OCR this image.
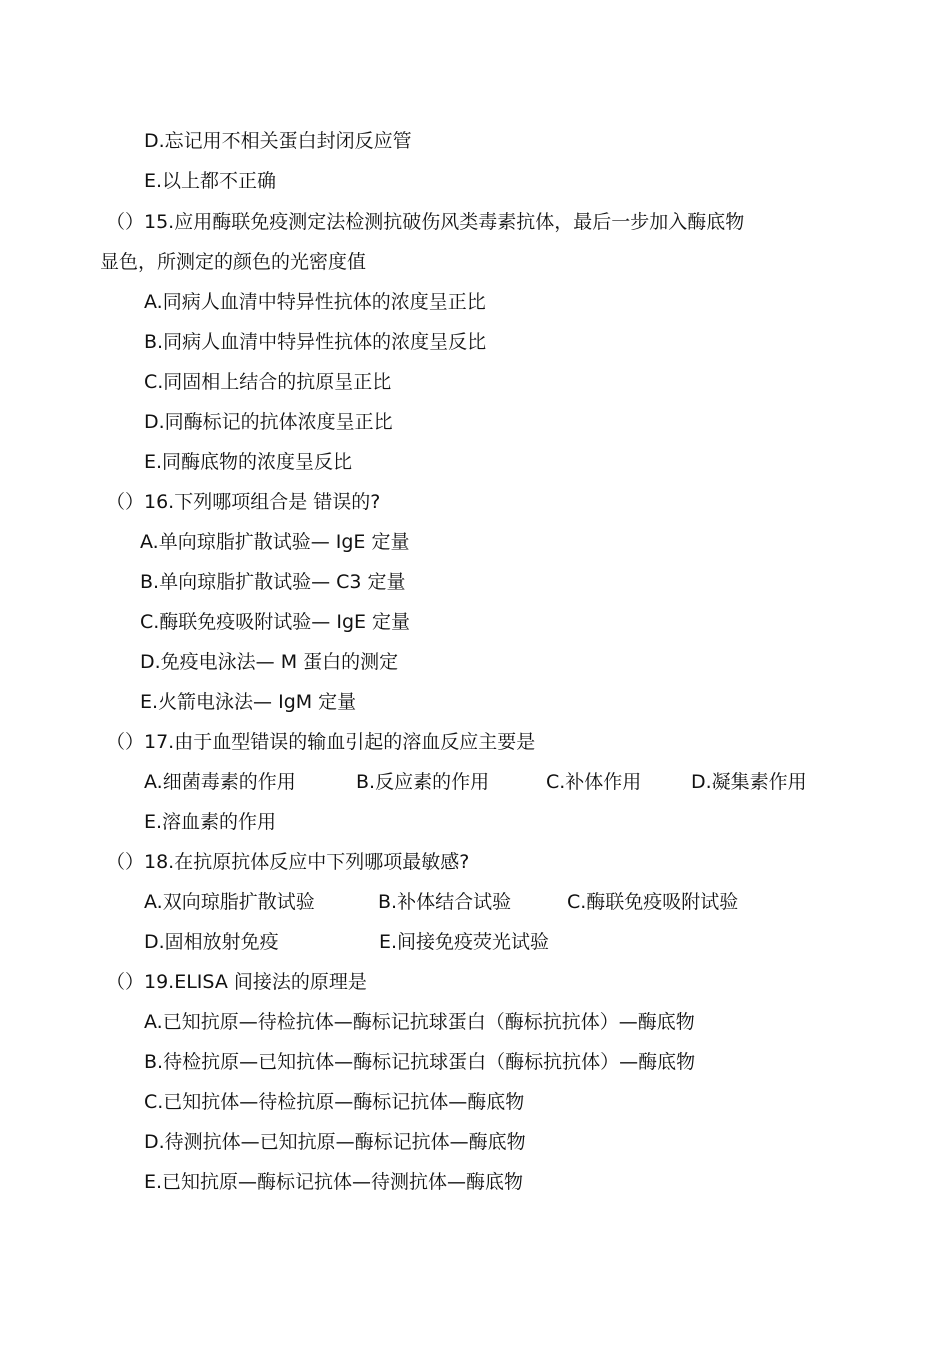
D.忘记用不相关蛋白封闭反应管
E.以上都不正确
（）15.应用酶联免疫测定法检测抗破伤风类毒素抗体，最后一步加入酶底物
显色，所测定的颜色的光密度值
A.同病人血清中特异性抗体的浓度呈正比
B.同病人血清中特异性抗体的浓度呈反比
C.同固相上结合的抗原呈正比
D.同酶标记的抗体浓度呈正比
E.同酶底物的浓度呈反比
（）16.下列哪项组合是 错误的?
A.单向琼脂扩散试验— IgE 定量
B.单向琼脂扩散试验— C3 定量
C.酶联免疫吸附试验— IgE 定量
D.免疫电泳法— M 蛋白的测定
E.火箭电泳法— IgM 定量
（）17.由于血型错误的输血引起的溶血反应主要是
A.细菌毒素的作用	B.反应素的作用	C.补体作用	D.凝集素作用
E.溶血素的作用
（）18.在抗原抗体反应中下列哪项最敏感?
A.双向琼脂扩散试验	B.补体结合试验	C.酶联免疫吸附试验
D.固相放射免疫	E.间接免疫荧光试验
（）19.ELISA 间接法的原理是
A.已知抗原—待检抗体—酶标记抗球蛋白（酶标抗抗体）—酶底物
B.待检抗原—已知抗体—酶标记抗球蛋白（酶标抗抗体）—酶底物
C.已知抗体—待检抗原—酶标记抗体—酶底物
D.待测抗体—已知抗原—酶标记抗体—酶底物
E.已知抗原—酶标记抗体—待测抗体—酶底物
